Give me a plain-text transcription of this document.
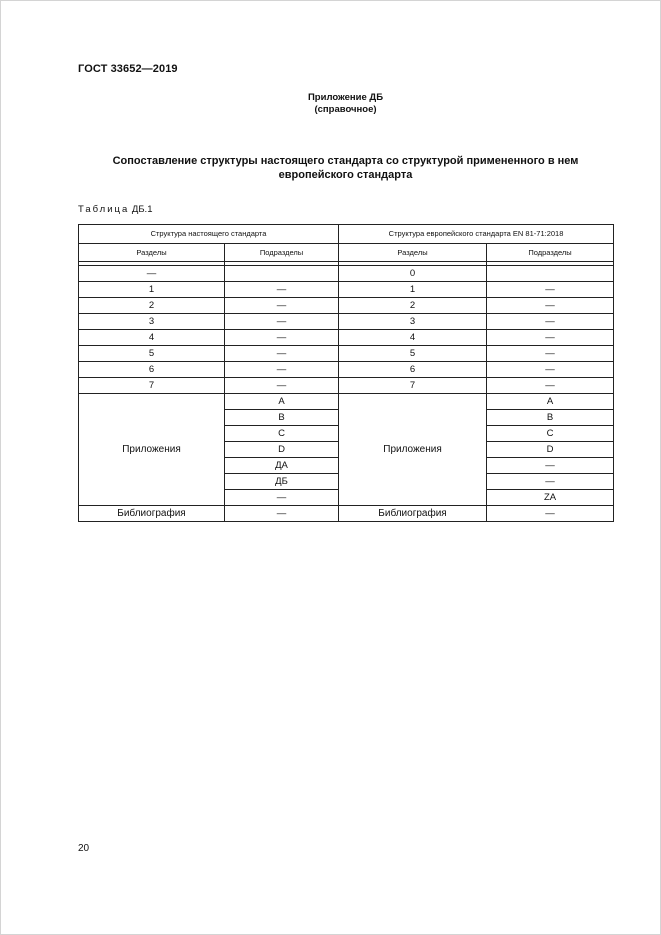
ГОСТ 33652—2019
Приложение ДБ
(справочное)
Сопоставление структуры настоящего стандарта со структурой примененного в нем европейского стандарта
Таблица ДБ.1
Структура настоящего стандарта		Структура европейского стандарта EN 81-71:2018	
Разделы	Подразделы	Разделы	Подразделы

—		0	
1	—	1	—
2	—	2	—
3	—	3	—
4	—	4	—
5	—	5	—
6	—	6	—
7	—	7	—
Приложения	A	Приложения	A
	B		B
	C		C
	D		D
	ДА		—
	ДБ		—
	—		ZA
Библиография	—	Библиография	—
20
